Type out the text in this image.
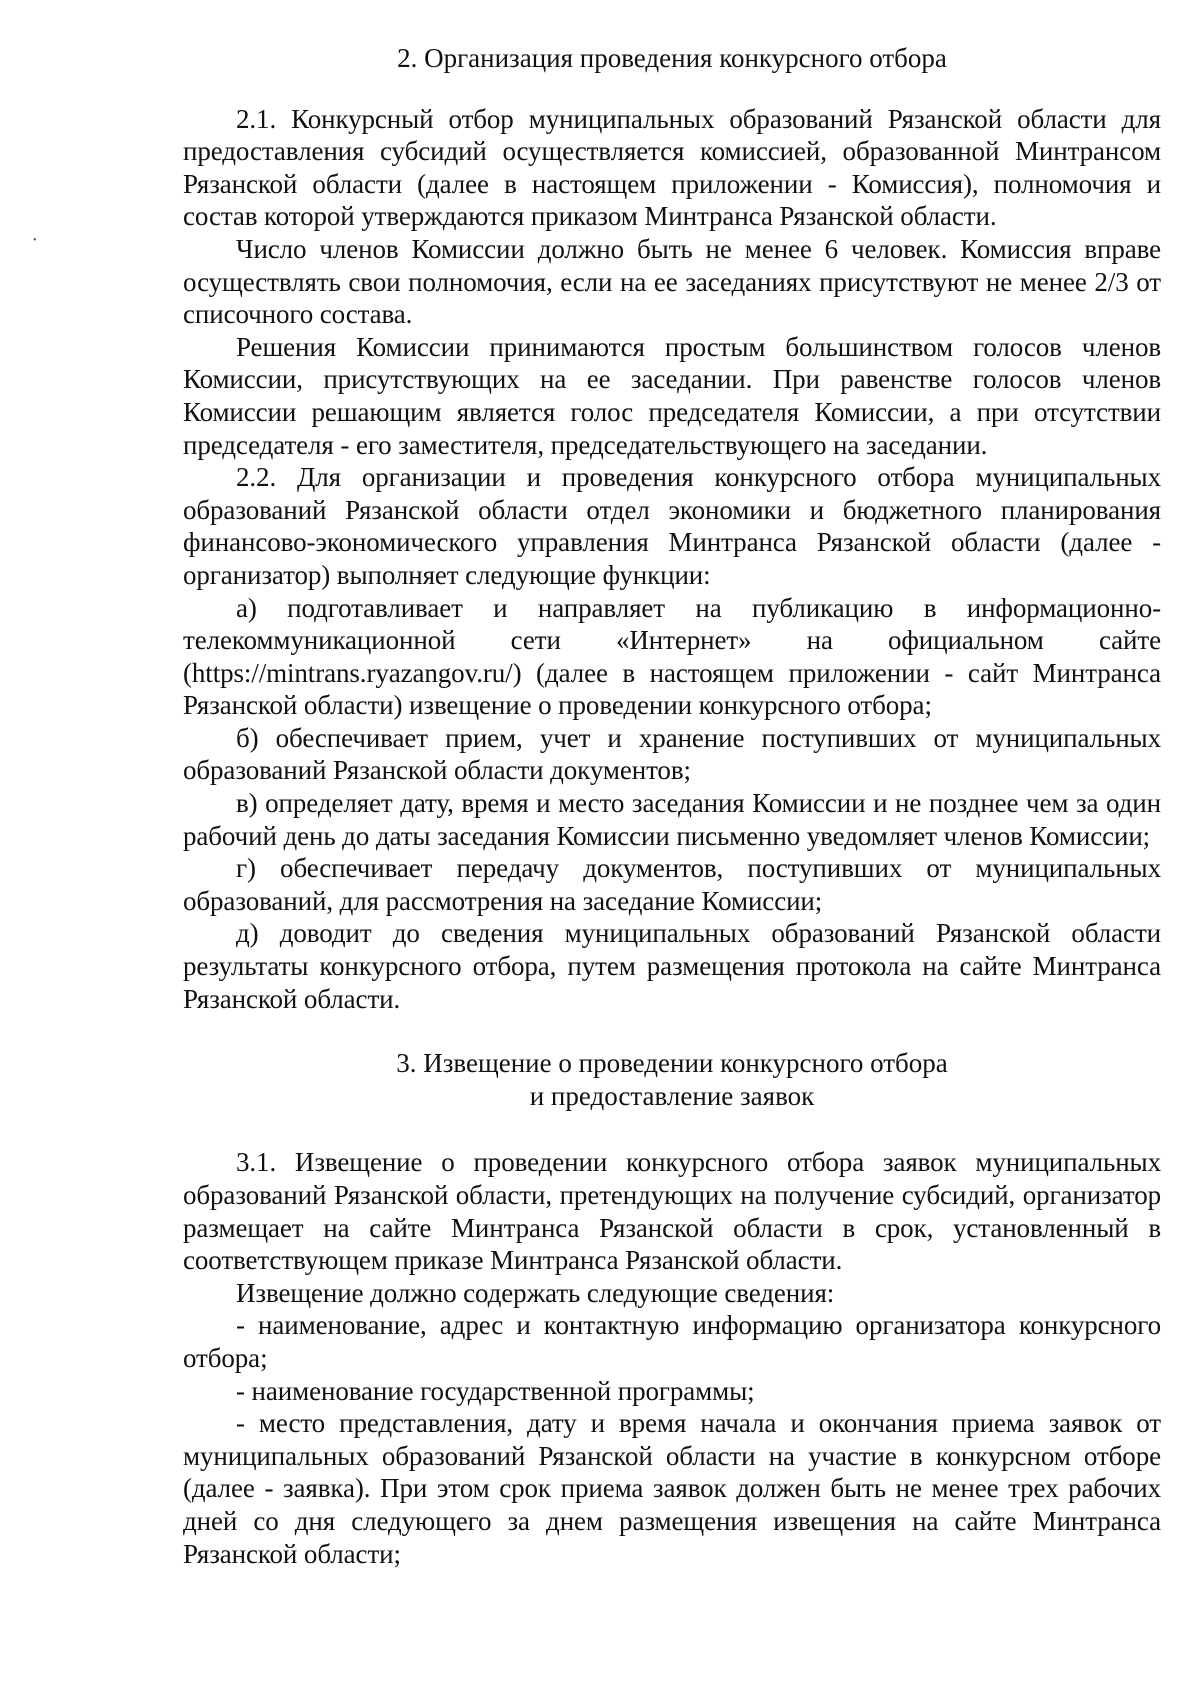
•
2. Организация проведения конкурсного отбора

2.1. Конкурсный отбор муниципальных образований Рязанской области для предоставления субсидий осуществляется комиссией, образованной Минтрансом Рязанской области (далее в настоящем приложении - Комиссия), полномочия и состав которой утверждаются приказом Минтранса Рязанской области.

Число членов Комиссии должно быть не менее 6 человек. Комиссия вправе осуществлять свои полномочия, если на ее заседаниях присутствуют не менее 2/3 от списочного состава.

Решения Комиссии принимаются простым большинством голосов членов Комиссии, присутствующих на ее заседании. При равенстве голосов членов Комиссии решающим является голос председателя Комиссии, а при отсутствии председателя - его заместителя, председательствующего на заседании.

2.2. Для организации и проведения конкурсного отбора муниципальных образований Рязанской области отдел экономики и бюджетного планирования финансово-экономического управления Минтранса Рязанской области (далее - организатор) выполняет следующие функции:

а) подготавливает и направляет на публикацию в информационно-телекоммуникационной сети «Интернет» на официальном сайте (https://mintrans.ryazangov.ru/) (далее в настоящем приложении - сайт Минтранса Рязанской области) извещение о проведении конкурсного отбора;

б) обеспечивает прием, учет и хранение поступивших от муниципальных образований Рязанской области документов;

в) определяет дату, время и место заседания Комиссии и не позднее чем за один рабочий день до даты заседания Комиссии письменно уведомляет членов Комиссии;

г) обеспечивает передачу документов, поступивших от муниципальных образований, для рассмотрения на заседание Комиссии;

д) доводит до сведения муниципальных образований Рязанской области результаты конкурсного отбора, путем размещения протокола на сайте Минтранса Рязанской области.

3. Извещение о проведении конкурсного отбора
и предоставление заявок

3.1. Извещение о проведении конкурсного отбора заявок муниципальных образований Рязанской области, претендующих на получение субсидий, организатор размещает на сайте Минтранса Рязанской области в срок, установленный в соответствующем приказе Минтранса Рязанской области.

Извещение должно содержать следующие сведения:

- наименование, адрес и контактную информацию организатора конкурсного отбора;

- наименование государственной программы;

- место представления, дату и время начала и окончания приема заявок от муниципальных образований Рязанской области на участие в конкурсном отборе (далее - заявка). При этом срок приема заявок должен быть не менее трех рабочих дней со дня следующего за днем размещения извещения на сайте Минтранса Рязанской области;
